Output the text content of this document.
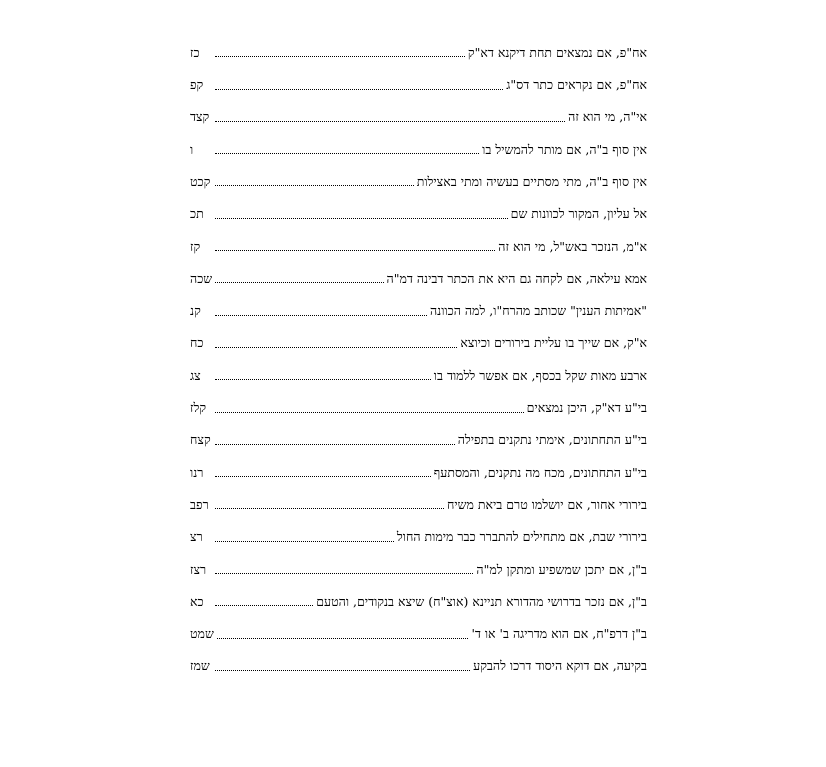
אח"פ, אם נמצאים תחת דיקנא דא"ק
כז
אח"פ, אם נקראים כתר דס"ג
קפ
אי"ה, מי הוא זה
קצד
אין סוף ב"ה, אם מותר להמשיל בו
ו
אין סוף ב"ה, מתי מסתיים בעשיה ומתי באצילות
קכט
אל עליון, המקור לכוונות שם
תכ
א"מ, הנזכר באש"ל, מי הוא זה
קז
אמא עילאה, אם לקחה גם היא את הכתר דבינה דמ"ה
שכה
"אמיתות הענין" שכותב מהרח"ו, למה הכוונה
קנ
א"ק, אם שייך בו עליית בירורים וכיוצא
כח
ארבע מאות שקל בכסף, אם אפשר ללמוד בו
צג
בי"ע דא"ק, היכן נמצאים
קלז
בי"ע התחתונים, אימתי נתקנים בתפילה
קצח
בי"ע התחתונים, מכח מה נתקנים, והמסתעף
רנו
בירורי אחור, אם יושלמו טרם ביאת משיח
רפב
בירורי שבת, אם מתחילים להתברר כבר מימות החול
רצ
ב"ן, אם יתכן שמשפיע ומתקן למ"ה
רצז
ב"ן, אם נזכר בדרושי מהדורא תניינא (אוצ"ח) שיצא בנקודים, והטעם
כא
ב"ן דרפ"ח, אם הוא מדריגה ב' או ד'
שמט
בקיעה, אם דוקא היסוד דרכו להבקע
שמז
